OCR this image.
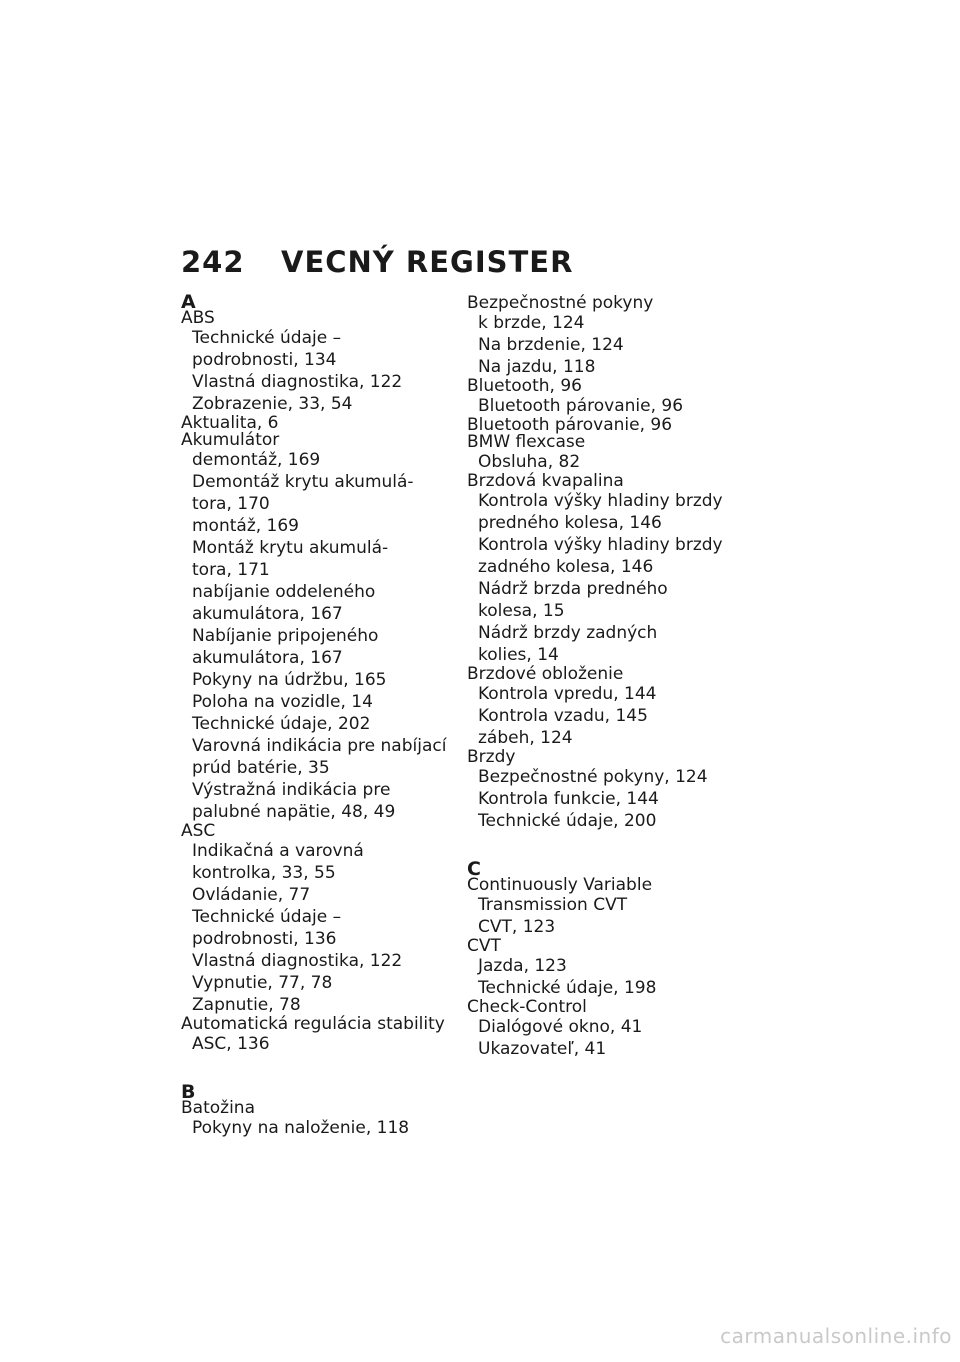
242 VECNÝ REGISTER
A
ABS
Technické údaje –
podrobnosti, 134
Vlastná diagnostika, 122
Zobrazenie, 33, 54
Aktualita, 6
Akumulátor
demontáž, 169
Demontáž krytu akumulá-
tora, 170
montáž, 169
Montáž krytu akumulá-
tora, 171
nabíjanie oddeleného
akumulátora, 167
Nabíjanie pripojeného
akumulátora, 167
Pokyny na údržbu, 165
Poloha na vozidle, 14
Technické údaje, 202
Varovná indikácia pre nabíjací
prúd batérie, 35
Výstražná indikácia pre
palubné napätie, 48, 49
ASC
Indikačná a varovná
kontrolka, 33, 55
Ovládanie, 77
Technické údaje –
podrobnosti, 136
Vlastná diagnostika, 122
Vypnutie, 77, 78
Zapnutie, 78
Automatická regulácia stability
ASC, 136
B
Batožina
Pokyny na naloženie, 118
Bezpečnostné pokyny
k brzde, 124
Na brzdenie, 124
Na jazdu, 118
Bluetooth, 96
Bluetooth párovanie, 96
Bluetooth párovanie, 96
BMW flexcase
Obsluha, 82
Brzdová kvapalina
Kontrola výšky hladiny brzdy
predného kolesa, 146
Kontrola výšky hladiny brzdy
zadného kolesa, 146
Nádrž brzda predného
kolesa, 15
Nádrž brzdy zadných
kolies, 14
Brzdové obloženie
Kontrola vpredu, 144
Kontrola vzadu, 145
zábeh, 124
Brzdy
Bezpečnostné pokyny, 124
Kontrola funkcie, 144
Technické údaje, 200
C
Continuously Variable
Transmission CVT
CVT, 123
CVT
Jazda, 123
Technické údaje, 198
Check-Control
Dialógové okno, 41
Ukazovateľ, 41
carmanualsonline.info
